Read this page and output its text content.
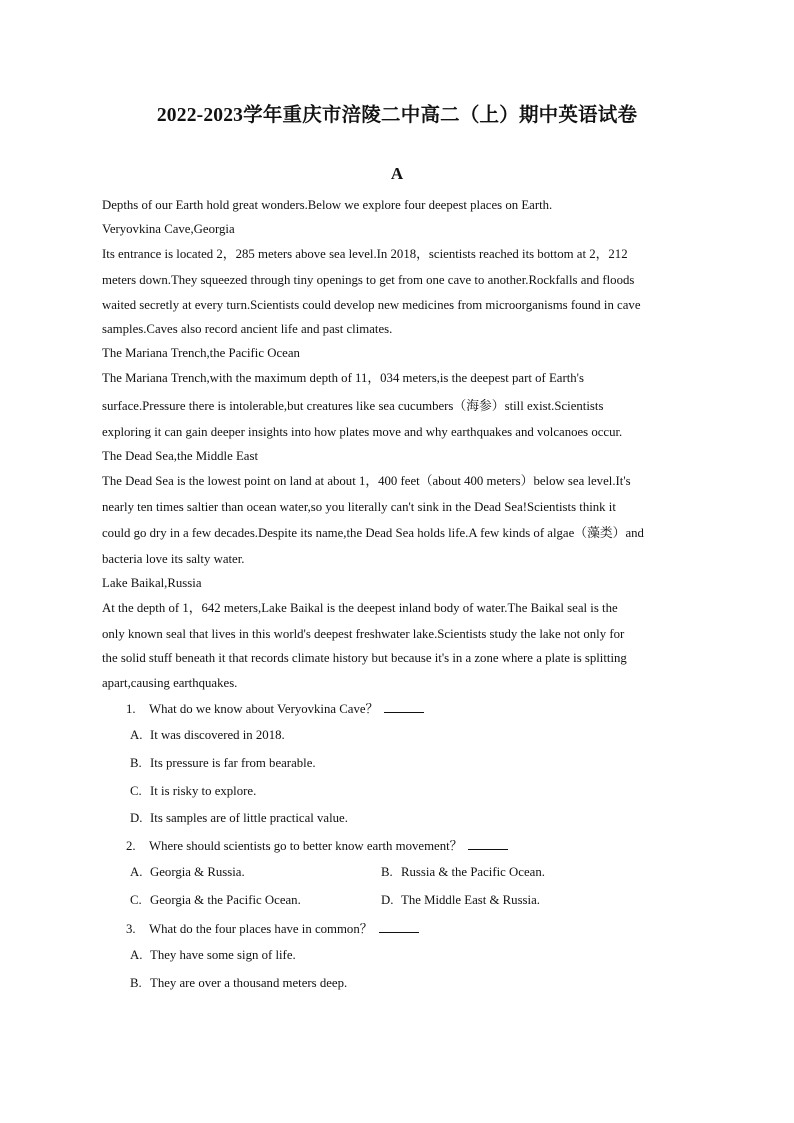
2022-2023学年重庆市涪陵二中高二（上）期中英语试卷
A
Depths of our Earth hold great wonders.Below we explore four deepest places on Earth.
Veryovkina Cave,Georgia
Its entrance is located 2，285 meters above sea level.In 2018，scientists reached its bottom at 2，212
meters down.They squeezed through tiny openings to get from one cave to another.Rockfalls and floods
waited secretly at every turn.Scientists could develop new medicines from microorganisms found in cave
samples.Caves also record ancient life and past climates.
The Mariana Trench,the Pacific Ocean
The Mariana Trench,with the maximum depth of 11，034 meters,is the deepest part of Earth's
surface.Pressure there is intolerable,but creatures like sea cucumbers（海参）still exist.Scientists
exploring it can gain deeper insights into how plates move and why earthquakes and volcanoes occur.
The Dead Sea,the Middle East
The Dead Sea is the lowest point on land at about 1，400 feet（about 400 meters）below sea level.It's
nearly ten times saltier than ocean water,so you literally can't sink in the Dead Sea!Scientists think it
could go dry in a few decades.Despite its name,the Dead Sea holds life.A few kinds of algae（藻类）and
bacteria love its salty water.
Lake Baikal,Russia
At the depth of 1，642 meters,Lake Baikal is the deepest inland body of water.The Baikal seal is the
only known seal that lives in this world's deepest freshwater lake.Scientists study the lake not only for
the solid stuff beneath it that records climate history but because it's in a zone where a plate is splitting
apart,causing earthquakes.
1. What do we know about Veryovkina Cave？
A. It was discovered in 2018.
B. Its pressure is far from bearable.
C. It is risky to explore.
D. Its samples are of little practical value.
2. Where should scientists go to better know earth movement？
A. Georgia & Russia.	B. Russia & the Pacific Ocean.
C. Georgia & the Pacific Ocean.	D. The Middle East & Russia.
3. What do the four places have in common？
A. They have some sign of life.
B. They are over a thousand meters deep.
